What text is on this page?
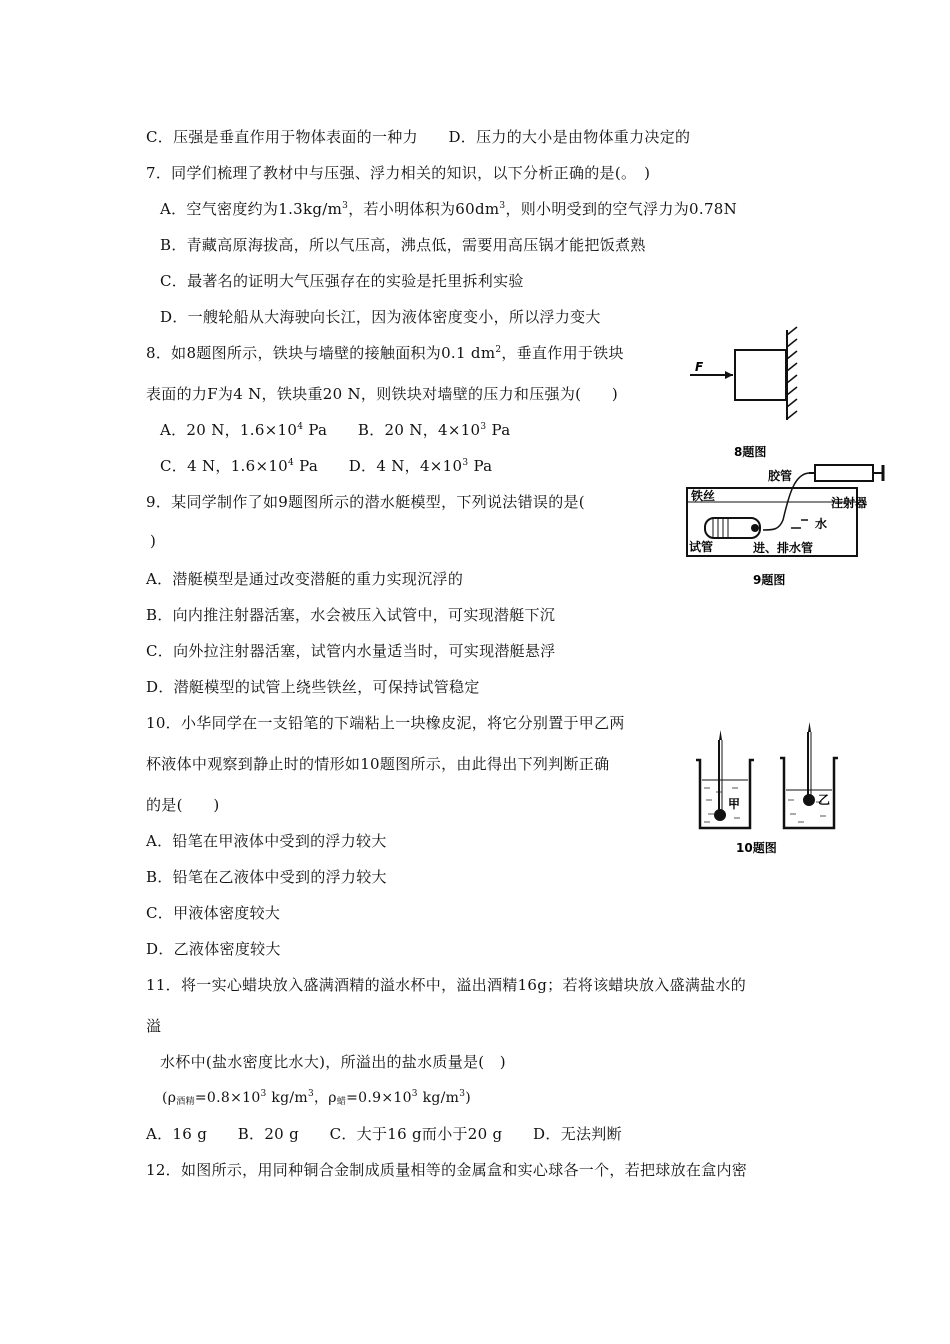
C．压强是垂直作用于物体表面的一种力　　D．压力的大小是由物体重力决定的
7．同学们梳理了教材中与压强、浮力相关的知识，以下分析正确的是(。　)
A．空气密度约为$1.3kg/m^3$，若小明体积为$60dm^3$，则小明受到的空气浮力为0.78N
B．青藏高原海拔高，所以气压高，沸点低，需要用高压锅才能把饭煮熟
C．最著名的证明大气压强存在的实验是托里拆利实验
D．一艘轮船从大海驶向长江，因为液体密度变小，所以浮力变大
8．如8题图所示，铁块与墙壁的接触面积为0.1 $dm^2$，垂直作用于铁块
表面的力F为4 N，铁块重20 N，则铁块对墙壁的压力和压强为(　　)
A．20 N，$1.6\times 10^4$ Pa　　B．20 N，$4\times 10^3$ Pa
C．4 N，$1.6\times 10^4$ Pa　　D．4 N，$4\times 10^3$ Pa
9．某同学制作了如9题图所示的潜水艇模型，下列说法错误的是(
)
A．潜艇模型是通过改变潜艇的重力实现沉浮的
B．向内推注射器活塞，水会被压入试管中，可实现潜艇下沉
C．向外拉注射器活塞，试管内水量适当时，可实现潜艇悬浮
D．潜艇模型的试管上绕些铁丝，可保持试管稳定
10．小华同学在一支铅笔的下端粘上一块橡皮泥，将它分别置于甲乙两
杯液体中观察到静止时的情形如10题图所示，由此得出下列判断正确
的是(　　)
A．铅笔在甲液体中受到的浮力较大
B．铅笔在乙液体中受到的浮力较大
C．甲液体密度较大
D．乙液体密度较大
11．将一实心蜡块放入盛满酒精的溢水杯中，溢出酒精16g；若将该蜡块放入盛满盐水的
溢
水杯中(盐水密度比水大)，所溢出的盐水质量是(　)
($\rho_{酒精}=0.8\times 10^3$ $kg/m^3$，$\rho_蜡=0.9\times 10^3$ $kg/m^3$)
A．16 g　　B．20 g　　C．大于16 g而小于20 g　　D．无法判断
12．如图所示，用同种铜合金制成质量相等的金属盒和实心球各一个，若把球放在盒内密
F
8题图
胶管
注射器
铁丝
水
试管	进、排水管
9题图
甲	乙
10题图
